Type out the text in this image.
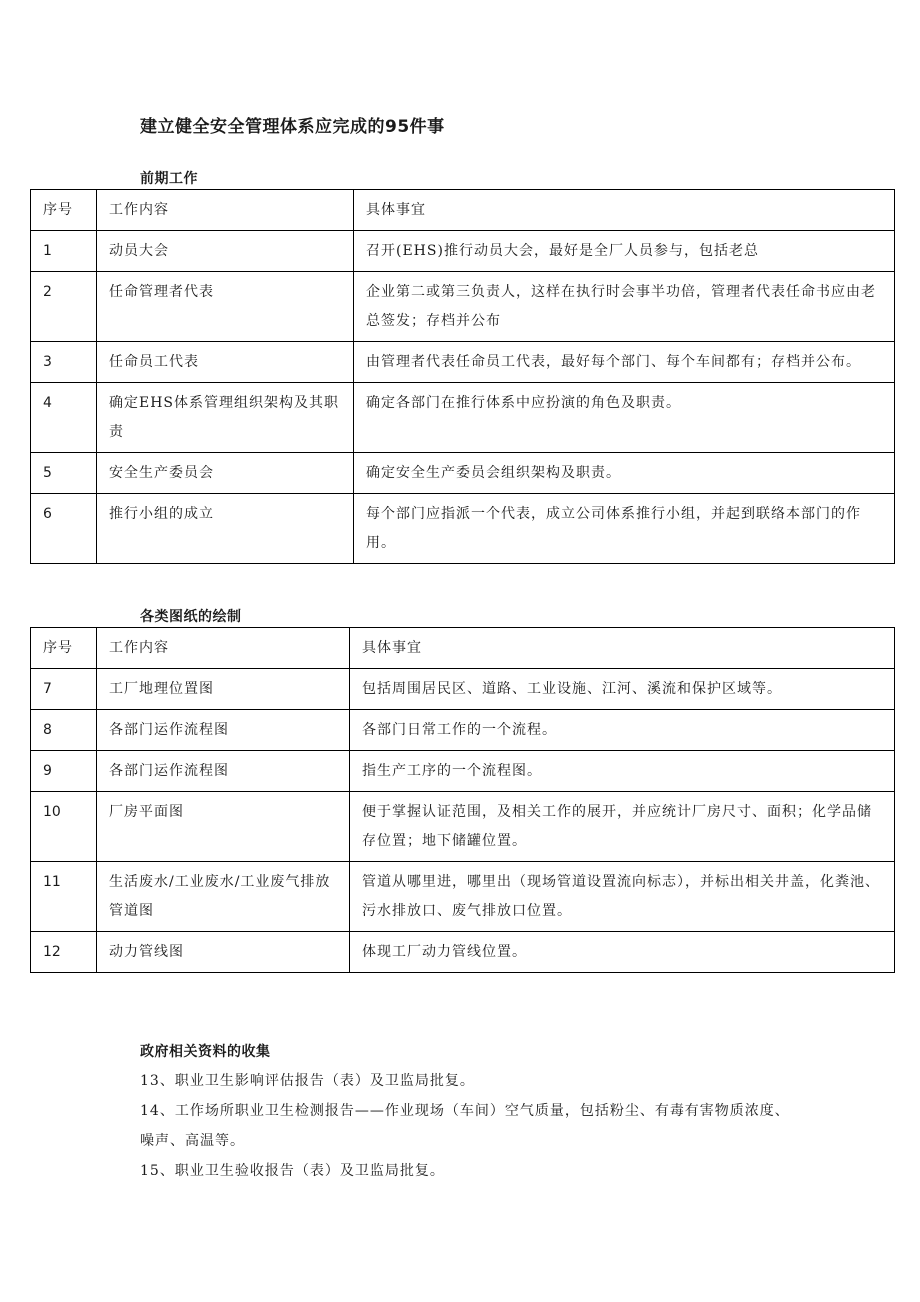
建立健全安全管理体系应完成的95件事
前期工作
序号	工作内容	具体事宜
1	动员大会	召开(EHS)推行动员大会，最好是全厂人员参与，包括老总
2	任命管理者代表	企业第二或第三负责人，这样在执行时会事半功倍，管理者代表任命书应由老总签发；存档并公布
3	任命员工代表	由管理者代表任命员工代表，最好每个部门、每个车间都有；存档并公布。
4	确定EHS体系管理组织架构及其职责	确定各部门在推行体系中应扮演的角色及职责。
5	安全生产委员会	确定安全生产委员会组织架构及职责。
6	推行小组的成立	每个部门应指派一个代表，成立公司体系推行小组，并起到联络本部门的作用。
各类图纸的绘制
序号	工作内容	具体事宜
7	工厂地理位置图	包括周围居民区、道路、工业设施、江河、溪流和保护区域等。
8	各部门运作流程图	各部门日常工作的一个流程。
9	各部门运作流程图	指生产工序的一个流程图。
10	厂房平面图	便于掌握认证范围，及相关工作的展开，并应统计厂房尺寸、面积；化学品储存位置；地下储罐位置。
11	生活废水/工业废水/工业废气排放管道图	管道从哪里进，哪里出（现场管道设置流向标志），并标出相关井盖，化粪池、污水排放口、废气排放口位置。
12	动力管线图	体现工厂动力管线位置。
政府相关资料的收集
13、职业卫生影响评估报告（表）及卫监局批复。
14、工作场所职业卫生检测报告——作业现场（车间）空气质量，包括粉尘、有毒有害物质浓度、噪声、高温等。
15、职业卫生验收报告（表）及卫监局批复。
